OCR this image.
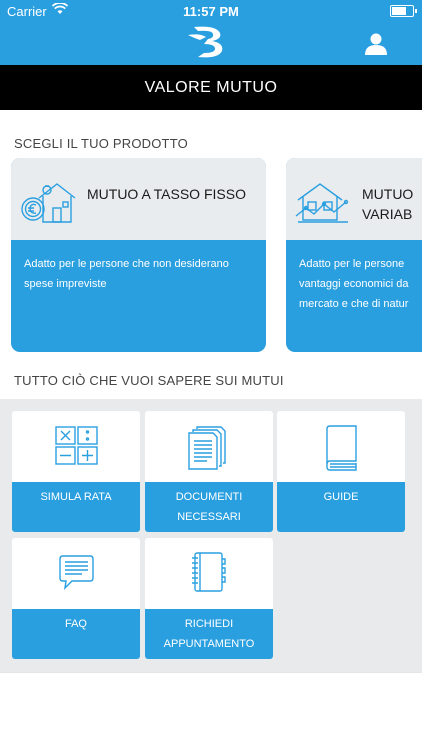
Carrier	11:57 PM
VALORE MUTUO
SCEGLI IL TUO PRODOTTO
MUTUO A TASSO FISSO
Adatto per le persone che non desiderano spese impreviste
MUTUO
VARIAB
Adatto per le persone
vantaggi economici da
mercato e che di natur
TUTTO CIÒ CHE VUOI SAPERE SUI MUTUI
SIMULA RATA	DOCUMENTI
NECESSARI
GUIDE
FAQ	RICHIEDI
APPUNTAMENTO
